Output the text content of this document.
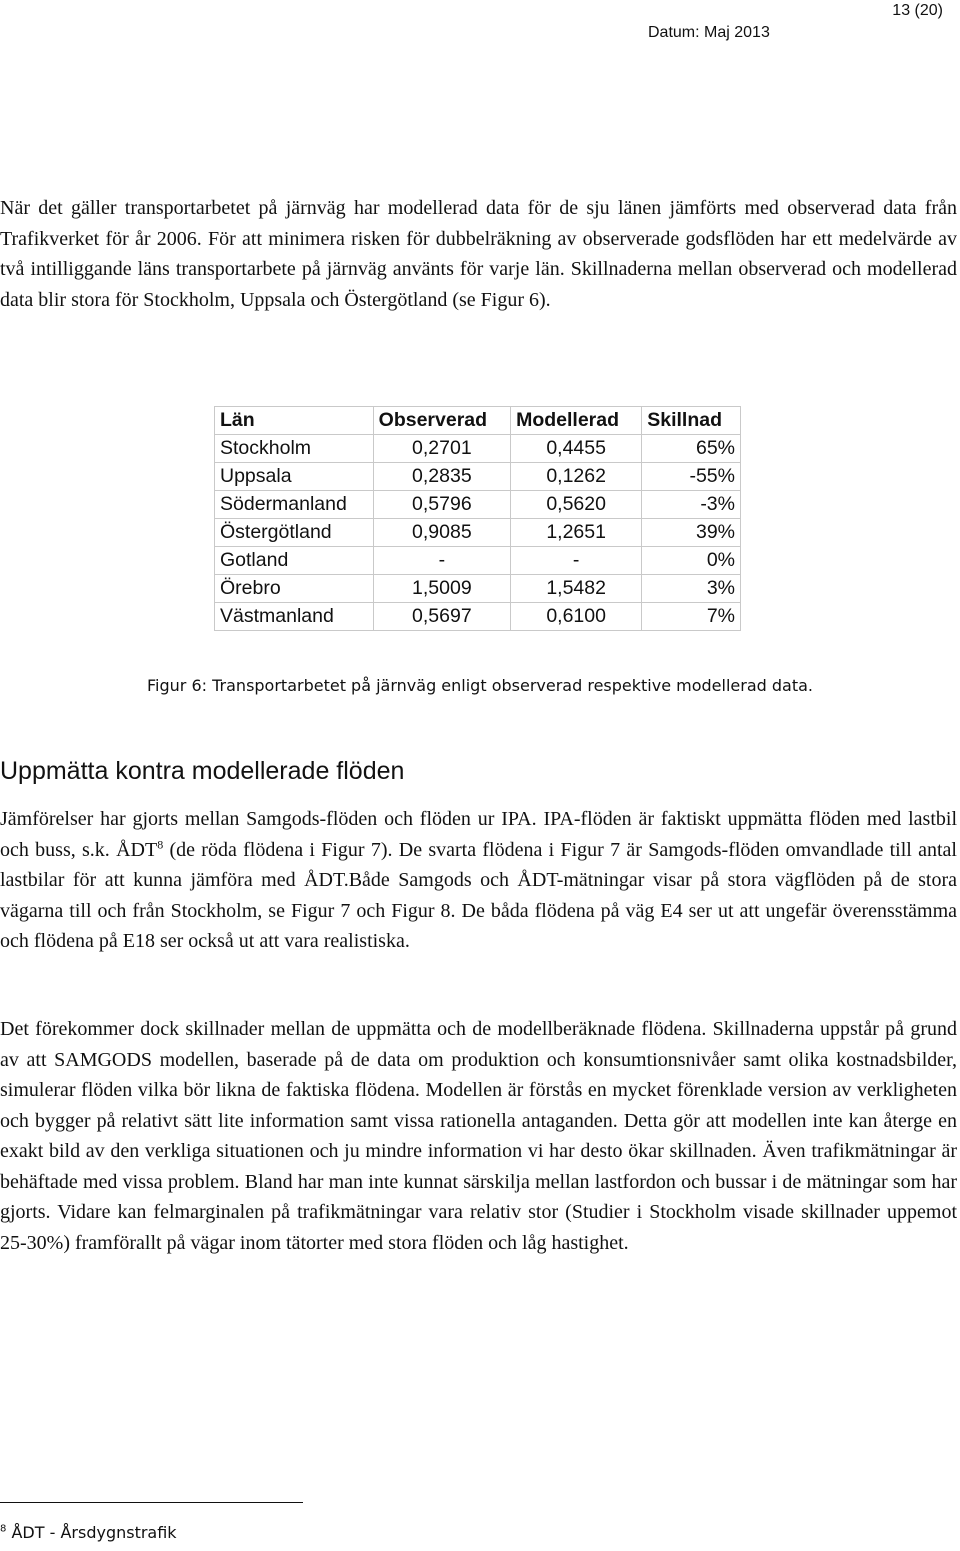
13 (20)
Datum: Maj 2013

När det gäller transportarbetet på järnväg har modellerad data för de sju länen jämförts med observerad data från Trafikverket för år 2006. För att minimera risken för dubbelräkning av observerade godsflöden har ett medelvärde av två intilliggande läns transportarbete på järnväg använts för varje län. Skillnaderna mellan observerad och modellerad data blir stora för Stockholm, Uppsala och Östergötland (se Figur 6).

Län	Observerad	Modellerad	Skillnad
Stockholm	0,2701	0,4455	65%
Uppsala	0,2835	0,1262	-55%
Södermanland	0,5796	0,5620	-3%
Östergötland	0,9085	1,2651	39%
Gotland	-	-	0%
Örebro	1,5009	1,5482	3%
Västmanland	0,5697	0,6100	7%
Figur 6: Transportarbetet på järnväg enligt observerad respektive modellerad data.
Uppmätta kontra modellerade flöden

Jämförelser har gjorts mellan Samgods-flöden och flöden ur IPA. IPA-flöden är faktiskt uppmätta flöden med lastbil och buss, s.k. ÅDT$^8$ (de röda flödena i Figur 7). De svarta flödena i Figur 7 är Samgods-flöden omvandlade till antal lastbilar för att kunna jämföra med ÅDT.Både Samgods och ÅDT-mätningar visar på stora vägflöden på de stora vägarna till och från Stockholm, se Figur 7 och Figur 8. De båda flödena på väg E4 ser ut att ungefär överensstämma och flödena på E18 ser också ut att vara realistiska.

Det förekommer dock skillnader mellan de uppmätta och de modellberäknade flödena. Skillnaderna uppstår på grund av att SAMGODS modellen, baserade på de data om produktion och konsumtionsnivåer samt olika kostnadsbilder, simulerar flöden vilka bör likna de faktiska flödena. Modellen är förstås en mycket förenklade version av verkligheten och bygger på relativt sätt lite information samt vissa rationella antaganden. Detta gör att modellen inte kan återge en exakt bild av den verkliga situationen och ju mindre information vi har desto ökar skillnaden. Även trafikmätningar är behäftade med vissa problem. Bland har man inte kunnat särskilja mellan lastfordon och bussar i de mätningar som har gjorts. Vidare kan felmarginalen på trafikmätningar vara relativ stor (Studier i Stockholm visade skillnader uppemot 25-30%) framförallt på vägar inom tätorter med stora flöden och låg hastighet.

$^8$ ÅDT - Årsdygnstrafik
